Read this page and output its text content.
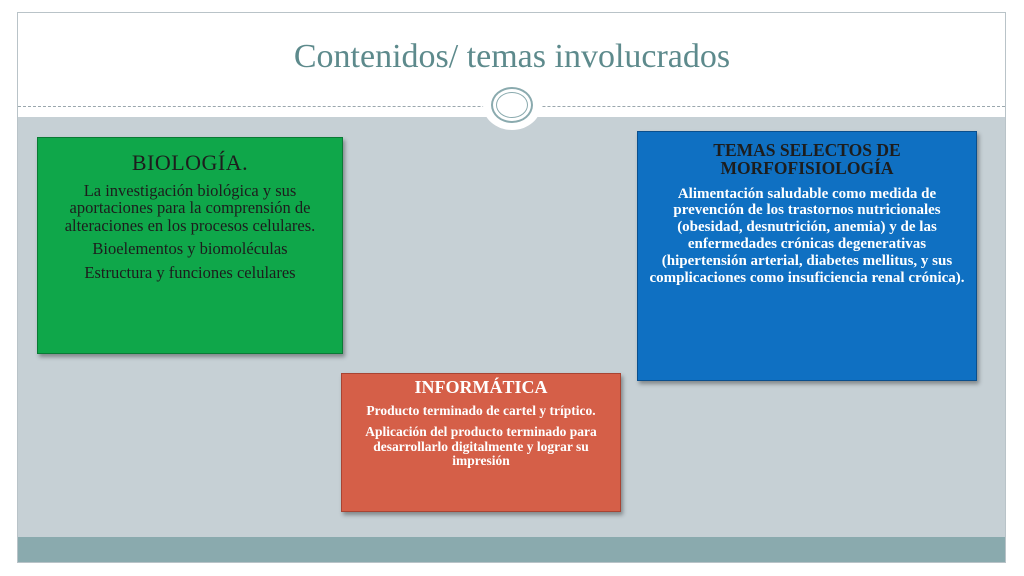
Contenidos/ temas involucrados
BIOLOGÍA.

La investigación biológica y sus aportaciones para la comprensión de alteraciones en los procesos celulares.

Bioelementos y biomoléculas

Estructura y funciones celulares

TEMAS SELECTOS DE MORFOFISIOLOGÍA

Alimentación saludable como medida de prevención de los trastornos nutricionales (obesidad, desnutrición, anemia) y de las enfermedades crónicas degenerativas (hipertensión arterial, diabetes mellitus, y sus complicaciones como insuficiencia renal crónica).

INFORMÁTICA

Producto terminado de cartel y tríptico.

Aplicación del producto terminado para desarrollarlo digitalmente y lograr su impresión
